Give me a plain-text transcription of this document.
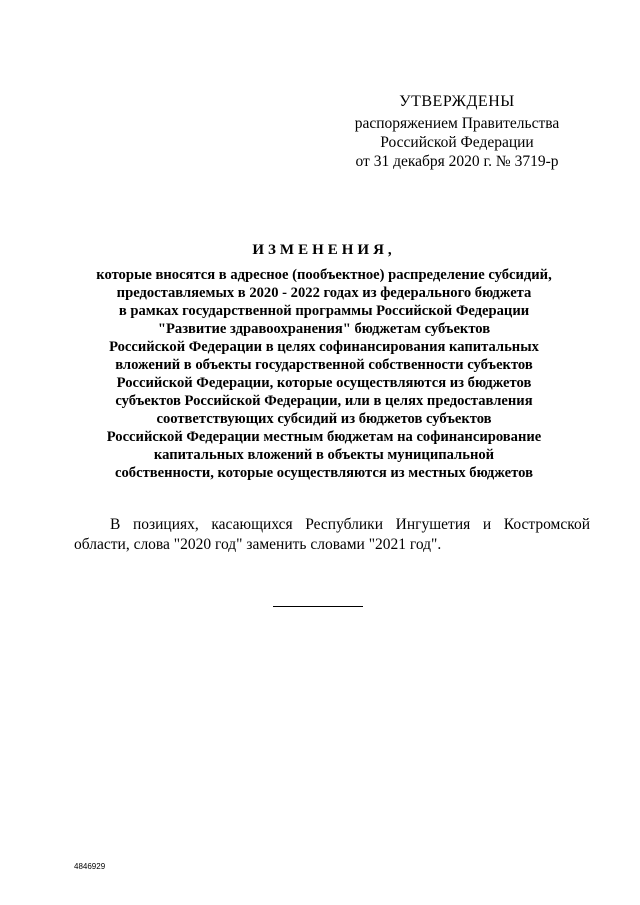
УТВЕРЖДЕНЫ
распоряжением Правительства
Российской Федерации
от 31 декабря 2020 г. № 3719-р
ИЗМЕНЕНИЯ,
которые вносятся в адресное (пообъектное) распределение субсидий,
предоставляемых в 2020 - 2022 годах из федерального бюджета
в рамках государственной программы Российской Федерации
"Развитие здравоохранения" бюджетам субъектов
Российской Федерации в целях софинансирования капитальных
вложений в объекты государственной собственности субъектов
Российской Федерации, которые осуществляются из бюджетов
субъектов Российской Федерации, или в целях предоставления
соответствующих субсидий из бюджетов субъектов
Российской Федерации местным бюджетам на софинансирование
капитальных вложений в объекты муниципальной
собственности, которые осуществляются из местных бюджетов

В позициях, касающихся Республики Ингушетия и Костромской

области, слова "2020 год" заменить словами "2021 год".

4846929
